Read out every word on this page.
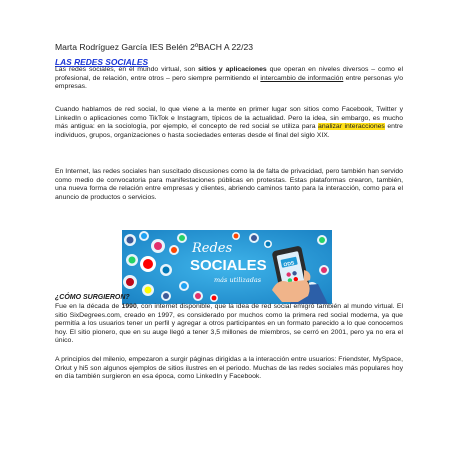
Marta Rodríguez García IES Belén 2ºBACH A 22/23
LAS REDES SOCIALES

Las redes sociales, en el mundo virtual, son sitios y aplicaciones que operan en niveles diversos – como el profesional, de relación, entre otros – pero siempre permitiendo el intercambio de información entre personas y/o empresas.

Cuando hablamos de red social, lo que viene a la mente en primer lugar son sitios como Facebook, Twitter y LinkedIn o aplicaciones como TikTok e Instagram, típicos de la actualidad. Pero la idea, sin embargo, es mucho más antigua: en la sociología, por ejemplo, el concepto de red social se utiliza para analizar interacciones entre individuos, grupos, organizaciones o hasta sociedades enteras desde el final del siglo XIX.

En Internet, las redes sociales han suscitado discusiones como la de falta de privacidad, pero también han servido como medio de convocatoria para manifestaciones públicas en protestas. Estas plataformas crearon, también, una nueva forma de relación entre empresas y clientes, abriendo caminos tanto para la interacción, como para el anuncio de productos o servicios.

Redes
SOCIALES
más utilizadas
ODS
¿CÓMO SURGIERON?

Fue en la década de 1990, con internet disponible, que la idea de red social emigró también al mundo virtual. El sitio SixDegrees.com, creado en 1997, es considerado por muchos como la primera red social moderna, ya que permitía a los usuarios tener un perfil y agregar a otros participantes en un formato parecido a lo que conocemos hoy. El sitio pionero, que en su auge llegó a tener 3,5 millones de miembros, se cerró en 2001, pero ya no era el único.

A principios del milenio, empezaron a surgir páginas dirigidas a la interacción entre usuarios: Friendster, MySpace, Orkut y hi5 son algunos ejemplos de sitios ilustres en el periodo. Muchas de las redes sociales más populares hoy en día también surgieron en esa época, como LinkedIn y Facebook.
